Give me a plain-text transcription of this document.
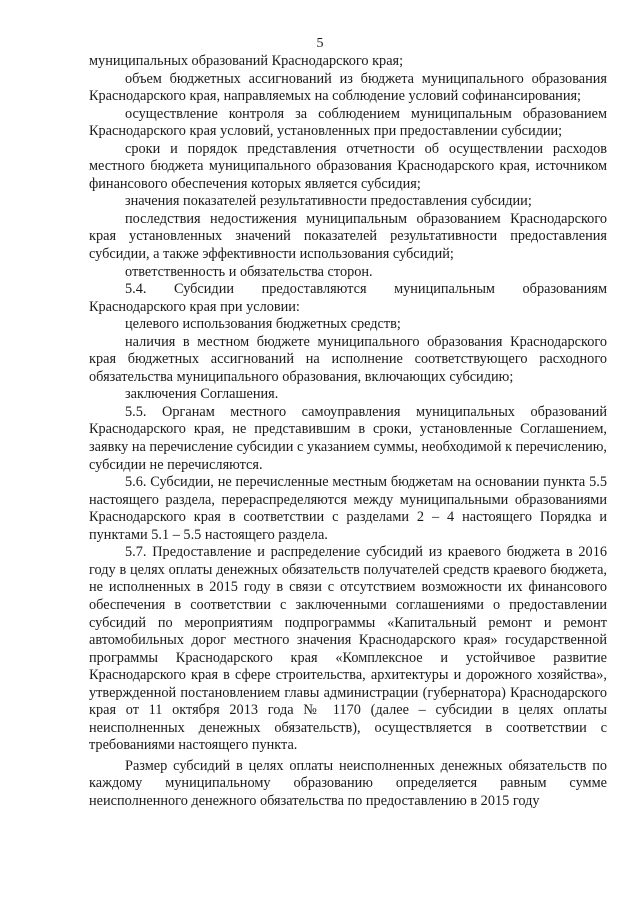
5

муниципальных образований Краснодарского края;

объем бюджетных ассигнований из бюджета муниципального образования Краснодарского края, направляемых на соблюдение условий софинансирования;

осуществление контроля за соблюдением муниципальным образованием Краснодарского края условий, установленных при предоставлении субсидии;

сроки и порядок представления отчетности об осуществлении расходов местного бюджета муниципального образования Краснодарского края, источником финансового обеспечения которых является субсидия;

значения показателей результативности предоставления субсидии;

последствия недостижения муниципальным образованием Краснодарского края установленных значений показателей результативности предоставления субсидии, а также эффективности использования субсидий;

ответственность и обязательства сторон.

5.4. Субсидии предоставляются муниципальным образованиям Краснодарского края при условии:

целевого использования бюджетных средств;

наличия в местном бюджете муниципального образования Краснодарского края бюджетных ассигнований на исполнение соответствующего расходного обязательства муниципального образования, включающих субсидию;

заключения Соглашения.

5.5. Органам местного самоуправления муниципальных образований Краснодарского края, не представившим в сроки, установленные Соглашением, заявку на перечисление субсидии с указанием суммы, необходимой к перечислению, субсидии не перечисляются.

5.6. Субсидии, не перечисленные местным бюджетам на основании пункта 5.5 настоящего раздела, перераспределяются между муниципальными образованиями Краснодарского края в соответствии с разделами 2 – 4 настоящего Порядка и пунктами 5.1 – 5.5 настоящего раздела.

5.7. Предоставление и распределение субсидий из краевого бюджета в 2016 году в целях оплаты денежных обязательств получателей средств краевого бюджета, не исполненных в 2015 году в связи с отсутствием возможности их финансового обеспечения в соответствии с заключенными соглашениями о предоставлении субсидий по мероприятиям подпрограммы «Капитальный ремонт и ремонт автомобильных дорог местного значения Краснодарского края» государственной программы Краснодарского края «Комплексное и устойчивое развитие Краснодарского края в сфере строительства, архитектуры и дорожного хозяйства», утвержденной постановлением главы администрации (губернатора) Краснодарского края от 11 октября 2013 года № 1170 (далее – субсидии в целях оплаты неисполненных денежных обязательств), осуществляется в соответствии с требованиями настоящего пункта.

Размер субсидий в целях оплаты неисполненных денежных обязательств по каждому муниципальному образованию определяется равным сумме неисполненного денежного обязательства по предоставлению в 2015 году
